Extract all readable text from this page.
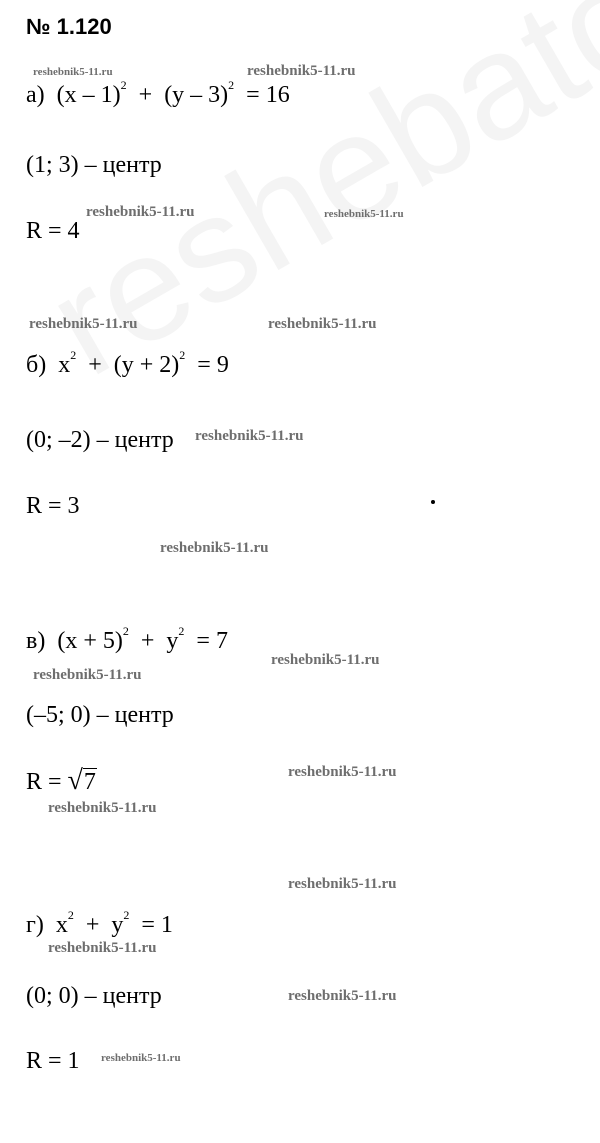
№ 1.120
reshebnik5-11.ru	reshebnik5-11.ru
reshebnik5-11.ru	reshebnik5-11.ru
reshebnik5-11.ru	reshebnik5-11.ru
reshebnik5-11.ru
reshebnik5-11.ru
reshebnik5-11.ru
reshebnik5-11.ru
reshebnik5-11.ru
reshebnik5-11.ru
reshebnik5-11.ru
reshebnik5-11.ru
reshebnik5-11.ru
reshebnik5-11.ru
а) (x – 1)$^2$ + (y – 3)$^2$ = 16
(1; 3) – центр
R = 4
б) $x^2 + (y + 2)^2 = 9$
(0; –2) – центр
R = 3
в) $(x + 5)^2 + y^2 = 7$
(–5; 0) – центр
R = √ 7
г) $x^2 + y^2 = 1$
(0; 0) – центр
R = 1
